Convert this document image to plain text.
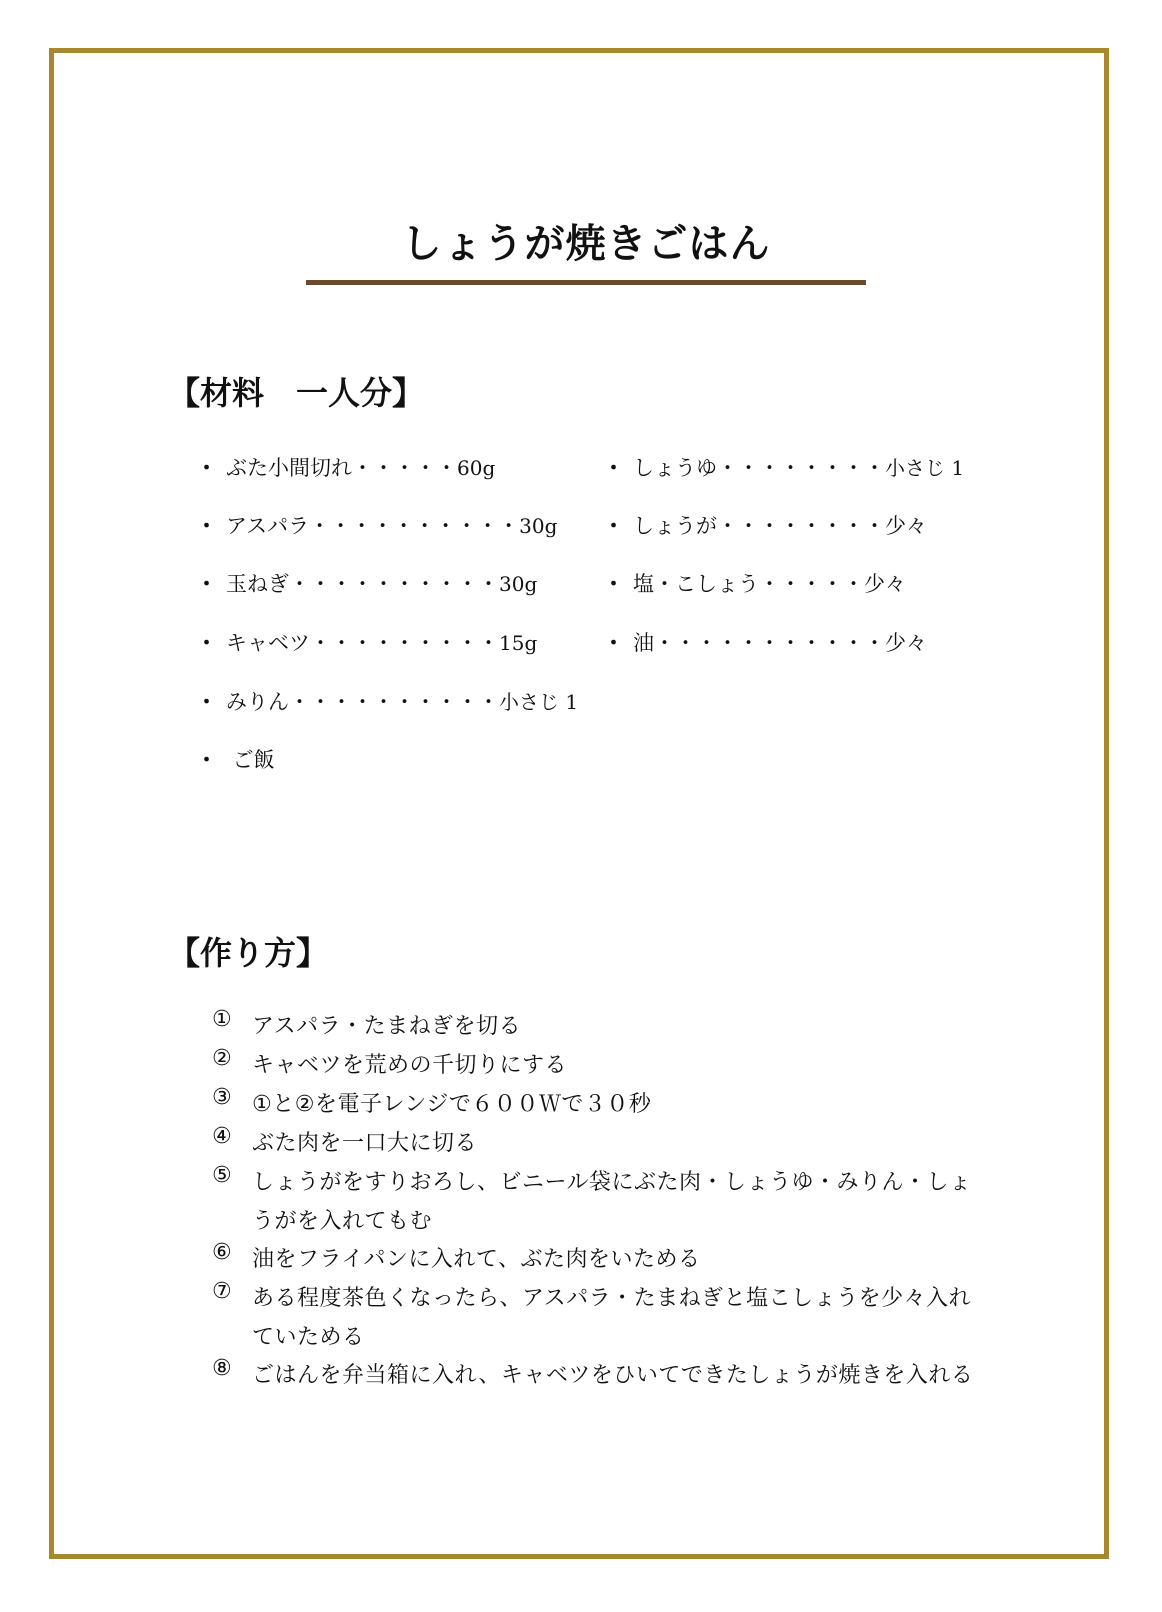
しょうが焼きごはん
【材料　一人分】
・ ぶた小間切れ ・・・・・ 60g
・ アスパラ ・・・・・・・・・・ 30g
・ 玉ねぎ ・・・・・・・・・・ 30g
・ キャベツ ・・・・・・・・・ 15g
・ みりん ・・・・・・・・・・ 小さじ 1
・ ご飯
・ しょうゆ ・・・・・・・・ 小さじ 1
・ しょうが ・・・・・・・・ 少々
・ 塩・こしょう ・・・・・ 少々
・ 油 ・・・・・・・・・・・ 少々
【作り方】
① アスパラ・たまねぎを切る
② キャベツを荒めの千切りにする
③ ①と②を電子レンジで６００Ｗで３０秒
④ ぶた肉を一口大に切る
⑤ しょうがをすりおろし、ビニール袋にぶた肉・しょうゆ・みりん・しょうがを入れてもむ
⑥ 油をフライパンに入れて、ぶた肉をいためる
⑦ ある程度茶色くなったら、アスパラ・たまねぎと塩こしょうを少々入れていためる
⑧ ごはんを弁当箱に入れ、キャベツをひいてできたしょうが焼きを入れる
